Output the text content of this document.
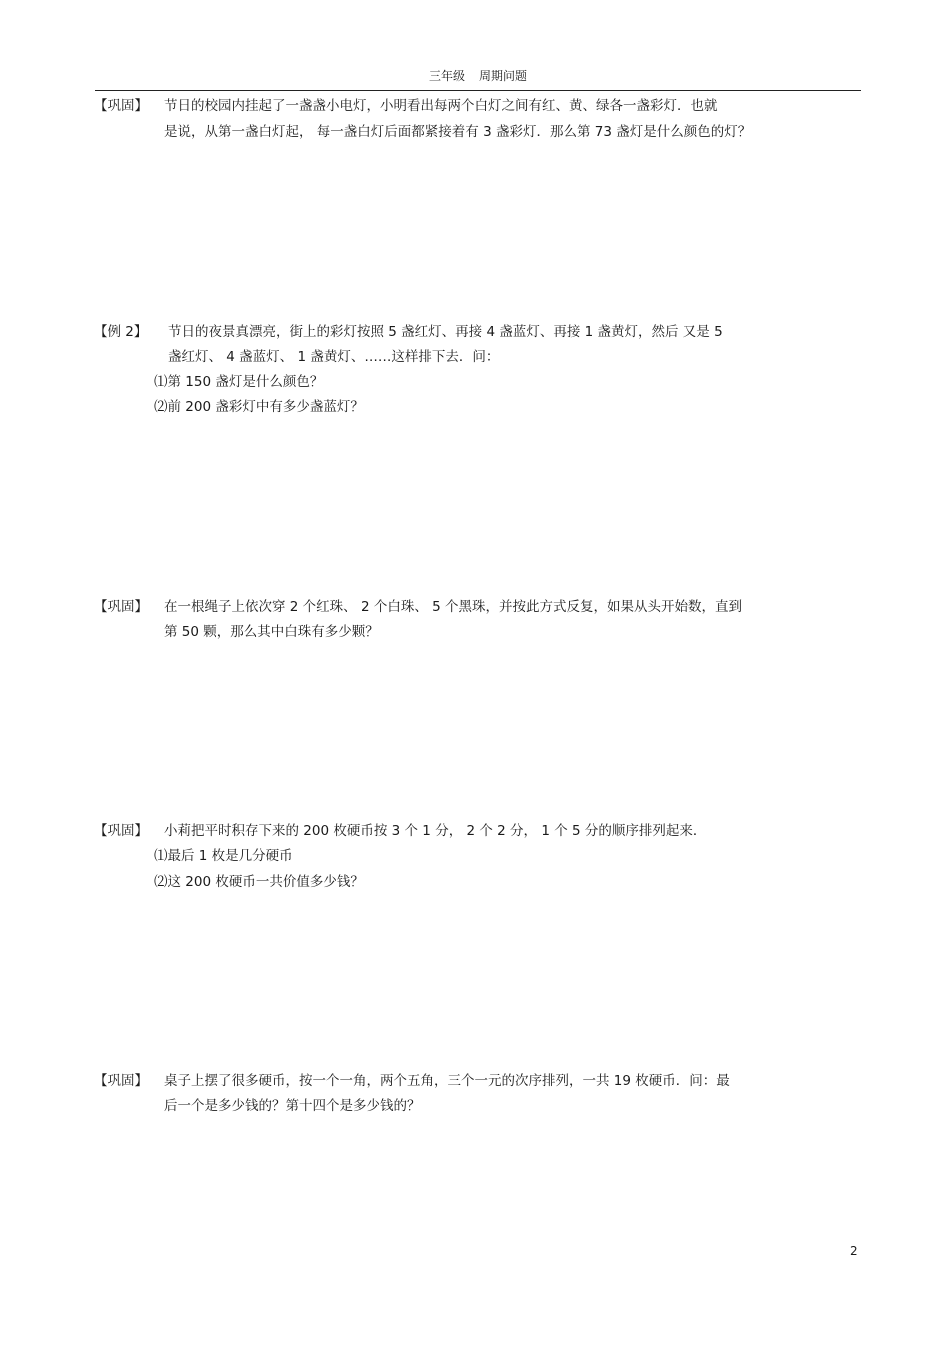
三年级 周期问题
【巩固】 节日的校园内挂起了一盏盏小电灯，小明看出每两个白灯之间有红、黄、绿各一盏彩灯．也就
是说，从第一盏白灯起， 每一盏白灯后面都紧接着有 3 盏彩灯．那么第 73 盏灯是什么颜色的灯？
【例 2】 节日的夜景真漂亮，街上的彩灯按照 5 盏红灯、再接 4 盏蓝灯、再接 1 盏黄灯，然后 又是 5
盏红灯、 4 盏蓝灯、 1 盏黄灯、……这样排下去．问：
⑴第 150 盏灯是什么颜色？
⑵前 200 盏彩灯中有多少盏蓝灯？
【巩固】 在一根绳子上依次穿 2 个红珠、 2 个白珠、 5 个黑珠，并按此方式反复，如果从头开始数，直到
第 50 颗，那么其中白珠有多少颗？
【巩固】 小莉把平时积存下来的 200 枚硬币按 3 个 1 分， 2 个 2 分， 1 个 5 分的顺序排列起来．
⑴最后 1 枚是几分硬币
⑵这 200 枚硬币一共价值多少钱？
【巩固】 桌子上摆了很多硬币，按一个一角，两个五角，三个一元的次序排列，一共 19 枚硬币．问：最
后一个是多少钱的？第十四个是多少钱的？
2
